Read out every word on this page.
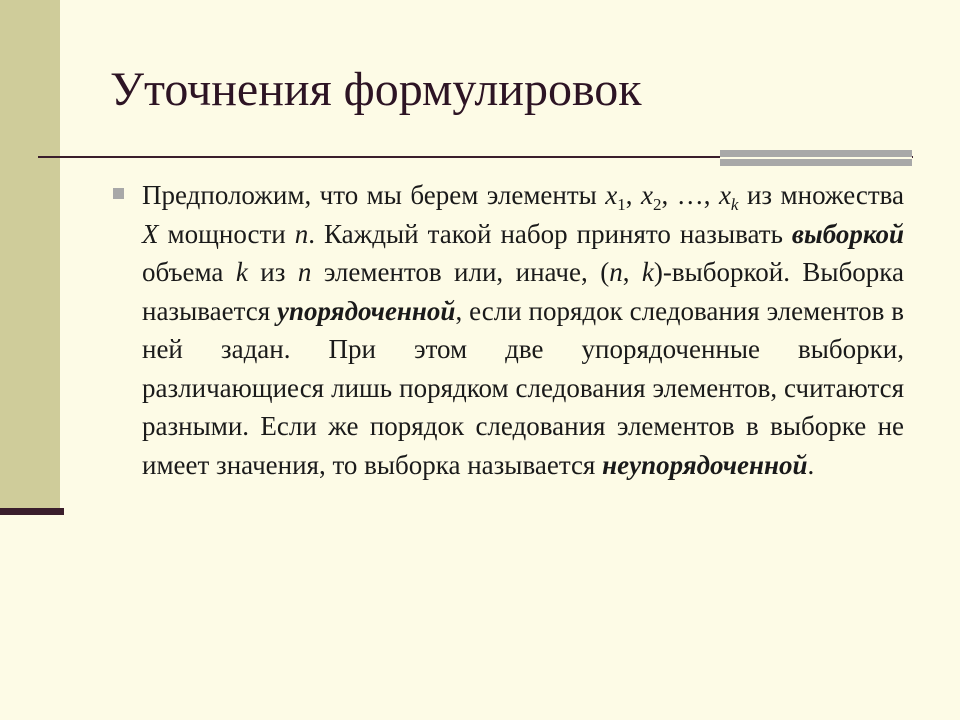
Уточнения формулировок

Предположим, что мы берем элементы $x_1$, $x_2$, …, $x_k$ из множества X мощности n. Каждый такой набор принято называть выборкой объема k из n элементов или, иначе, (n, k)-выборкой. Выборка называется упорядоченной, если порядок следования элементов в ней задан. При этом две упорядоченные выборки, различающиеся лишь порядком следования элементов, считаются разными. Если же порядок следования элементов в выборке не имеет значения, то выборка называется неупорядоченной.
